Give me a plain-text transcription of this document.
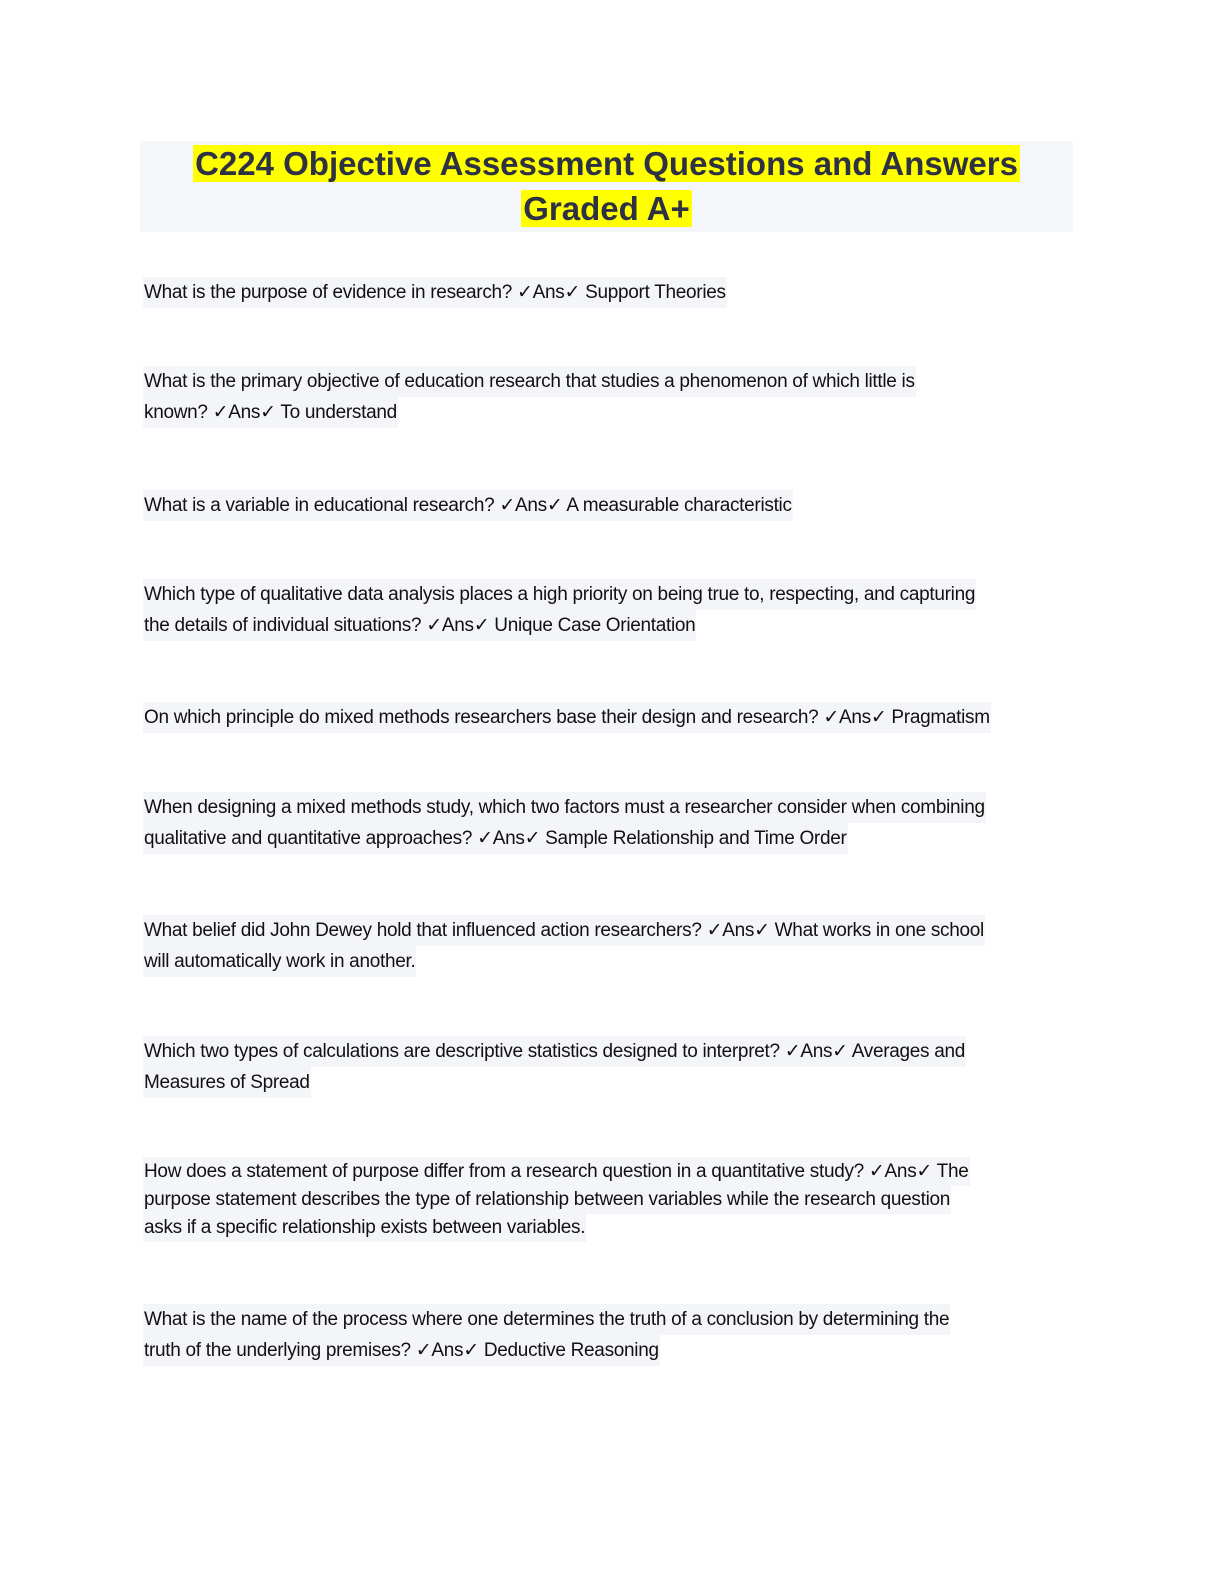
C224 Objective Assessment Questions and Answers
Graded A+
What is the purpose of evidence in research? ✓Ans✓ Support Theories
What is the primary objective of education research that studies a phenomenon of which little is
known? ✓Ans✓ To understand
What is a variable in educational research? ✓Ans✓ A measurable characteristic
Which type of qualitative data analysis places a high priority on being true to, respecting, and capturing
the details of individual situations? ✓Ans✓ Unique Case Orientation
On which principle do mixed methods researchers base their design and research? ✓Ans✓ Pragmatism
When designing a mixed methods study, which two factors must a researcher consider when combining
qualitative and quantitative approaches? ✓Ans✓ Sample Relationship and Time Order
What belief did John Dewey hold that influenced action researchers? ✓Ans✓ What works in one school
will automatically work in another.
Which two types of calculations are descriptive statistics designed to interpret? ✓Ans✓ Averages and
Measures of Spread
How does a statement of purpose differ from a research question in a quantitative study? ✓Ans✓ The
purpose statement describes the type of relationship between variables while the research question
asks if a specific relationship exists between variables.
What is the name of the process where one determines the truth of a conclusion by determining the
truth of the underlying premises? ✓Ans✓ Deductive Reasoning
